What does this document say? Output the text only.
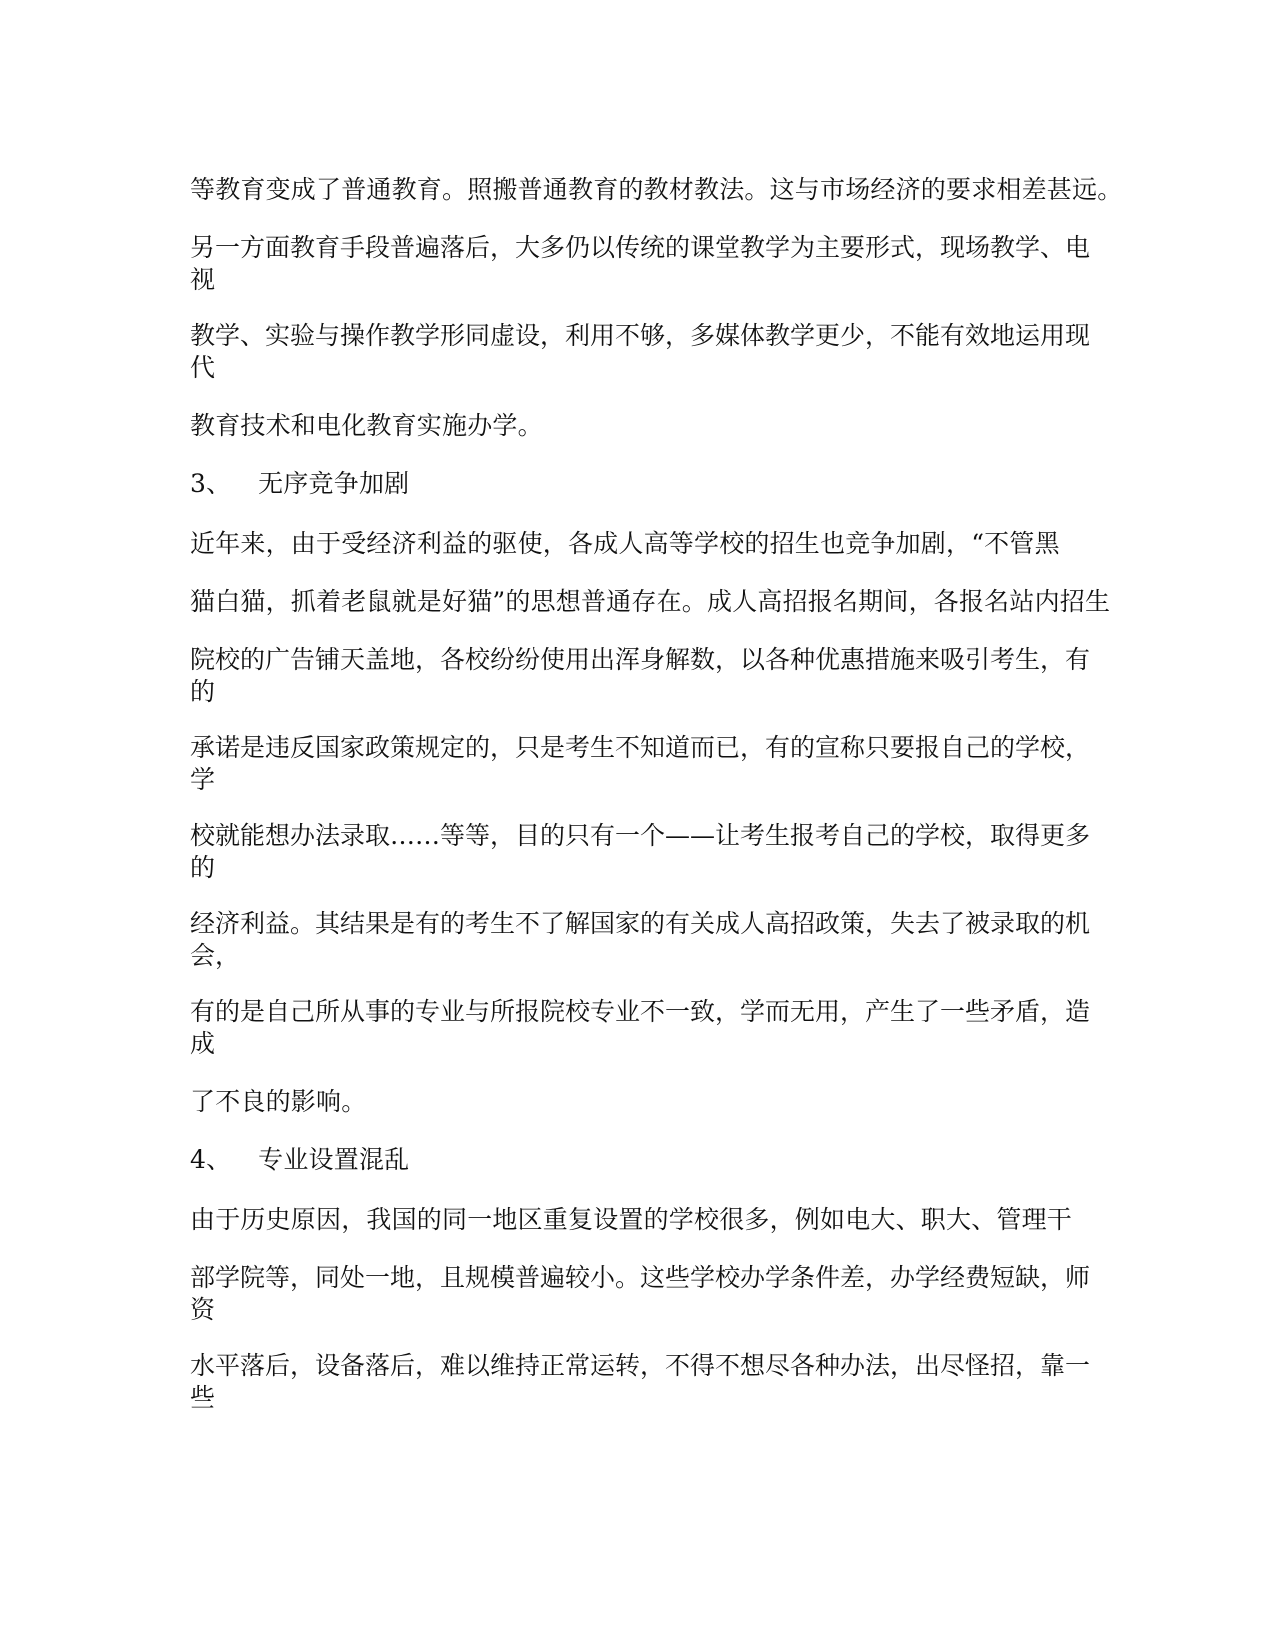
等教育变成了普通教育。照搬普通教育的教材教法。这与市场经济的要求相差甚远。
另一方面教育手段普遍落后，大多仍以传统的课堂教学为主要形式，现场教学、电
视
教学、实验与操作教学形同虚设，利用不够，多媒体教学更少，不能有效地运用现
代
教育技术和电化教育实施办学。
3、 无序竞争加剧
近年来，由于受经济利益的驱使，各成人高等学校的招生也竞争加剧，“不管黑
猫白猫，抓着老鼠就是好猫”的思想普通存在。成人高招报名期间，各报名站内招生
院校的广告铺天盖地，各校纷纷使用出浑身解数，以各种优惠措施来吸引考生，有
的
承诺是违反国家政策规定的，只是考生不知道而已，有的宣称只要报自己的学校，
学
校就能想办法录取……等等，目的只有一个——让考生报考自己的学校，取得更多
的
经济利益。其结果是有的考生不了解国家的有关成人高招政策，失去了被录取的机
会，
有的是自己所从事的专业与所报院校专业不一致，学而无用，产生了一些矛盾，造
成
了不良的影响。
4、 专业设置混乱
由于历史原因，我国的同一地区重复设置的学校很多，例如电大、职大、管理干
部学院等，同处一地，且规模普遍较小。这些学校办学条件差，办学经费短缺，师
资
水平落后，设备落后，难以维持正常运转，不得不想尽各种办法，出尽怪招，靠一
些
